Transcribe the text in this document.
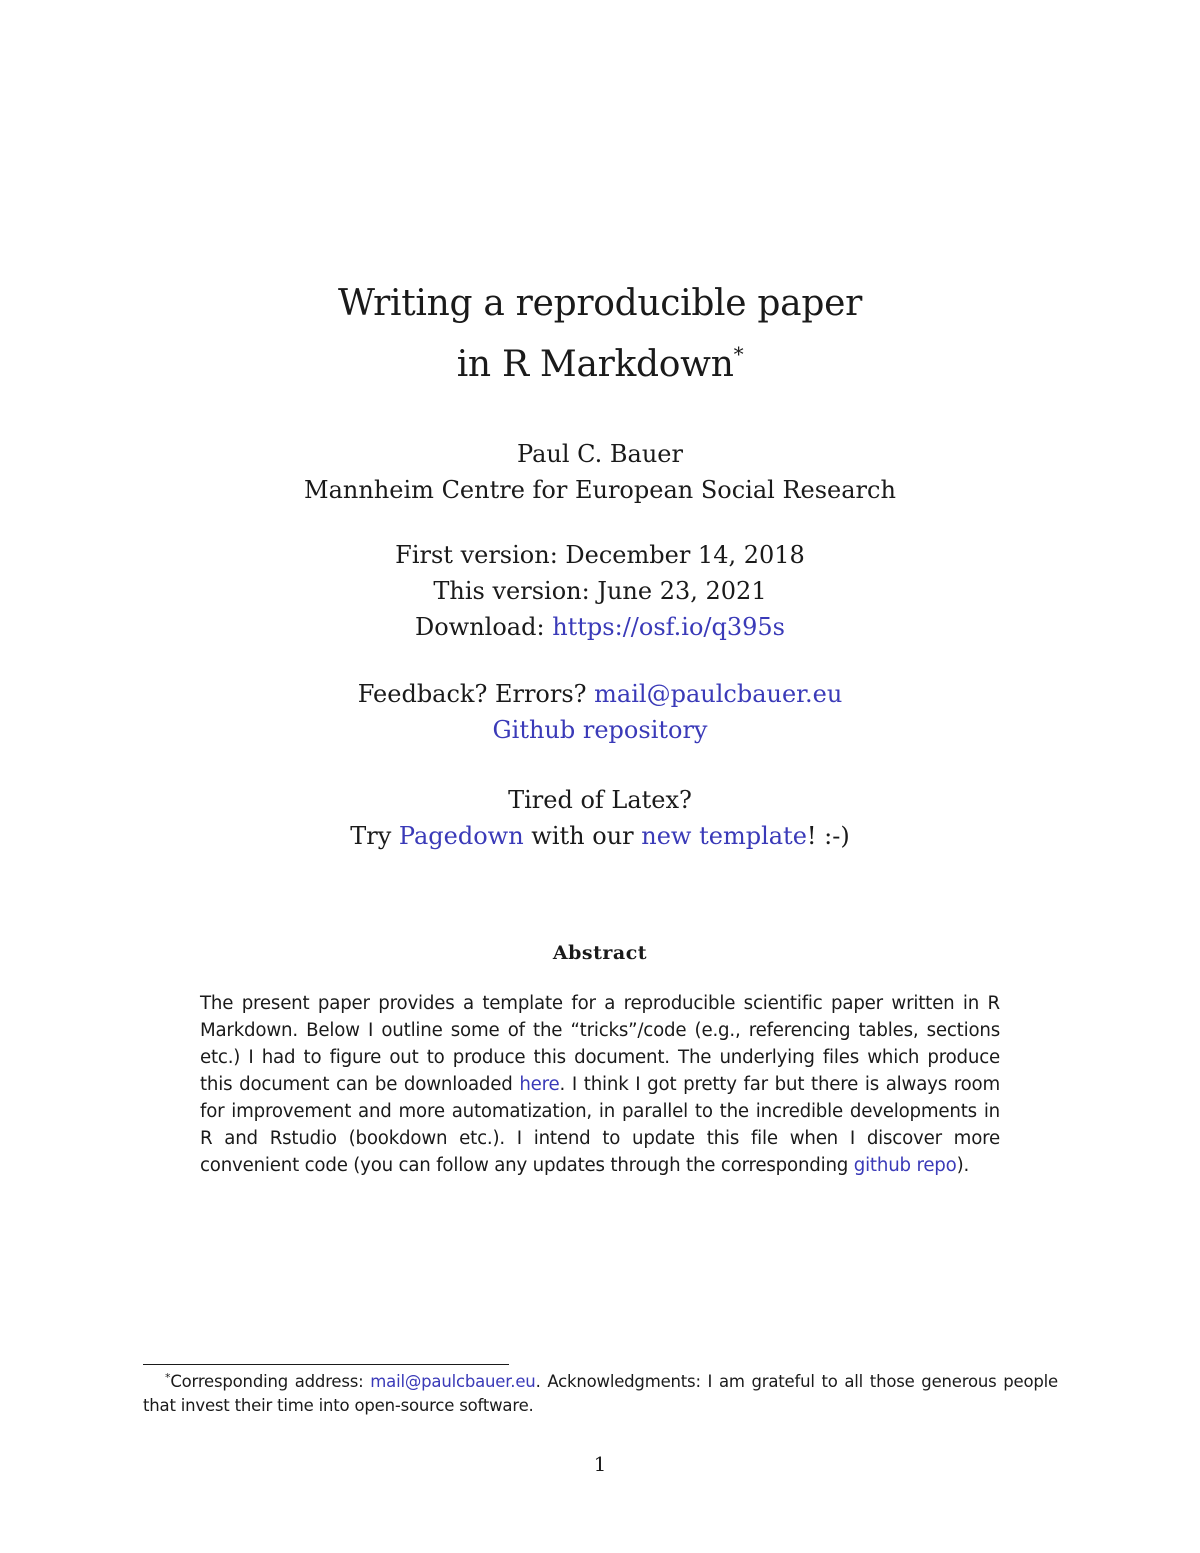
Writing a reproducible paper

in R Markdown*

Paul C. Bauer

Mannheim Centre for European Social Research

First version: December 14, 2018

This version: June 23, 2021

Download: https://osf.io/q395s

Feedback? Errors? mail@paulcbauer.eu

Github repository

Tired of Latex?

Try Pagedown with our new template! :-)

Abstract

The present paper provides a template for a reproducible scientific paper written in R Markdown. Below I outline some of the “tricks”/code (e.g., referencing tables, sections etc.) I had to figure out to produce this document. The underlying files which produce this document can be downloaded here. I think I got pretty far but there is always room for improvement and more automatization, in parallel to the incredible developments in R and Rstudio (bookdown etc.). I intend to update this file when I discover more convenient code (you can follow any updates through the corresponding github repo).

*Corresponding address: mail@paulcbauer.eu. Acknowledgments: I am grateful to all those generous people that invest their time into open-source software.

1
